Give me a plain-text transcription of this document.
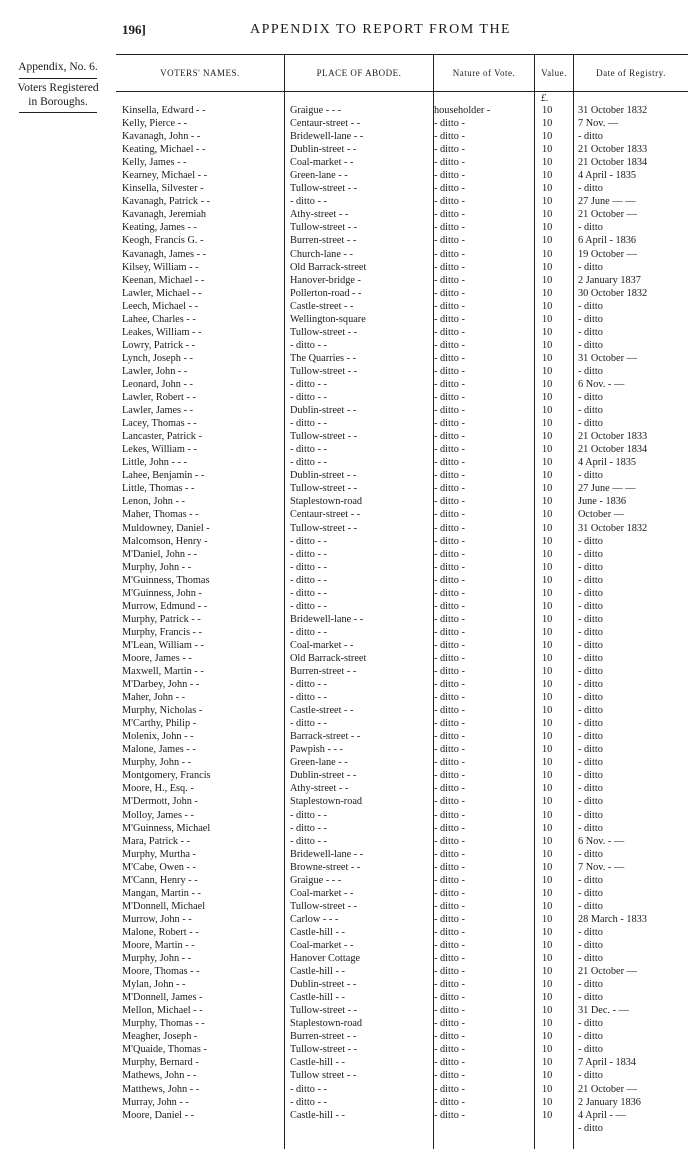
196]	APPENDIX TO REPORT FROM THE
Appendix, No. 6.
Voters Registered
in Boroughs.
VOTERS' NAMES.	PLACE OF ABODE.	Nature of Vote.	Value.	Date of Registry.
£.
Kinsella, Edward - -	Graigue - - -	householder -	10	31 October 1832
Kelly, Pierce - -	Centaur-street - -	- ditto -	10	7 Nov. —
Kavanagh, John - -	Bridewell-lane - -	- ditto -	10	- ditto
Keating, Michael - -	Dublin-street - -	- ditto -	10	21 October 1833
Kelly, James - -	Coal-market - -	- ditto -	10	21 October 1834
Kearney, Michael - -	Green-lane - -	- ditto -	10	4 April - 1835
Kinsella, Silvester -	Tullow-street - -	- ditto -	10	- ditto
Kavanagh, Patrick - -	- ditto - -	- ditto -	10	27 June — —
Kavanagh, Jeremiah	Athy-street - -	- ditto -	10	21 October —
Keating, James - -	Tullow-street - -	- ditto -	10	- ditto
Keogh, Francis G. -	Burren-street - -	- ditto -	10	6 April - 1836
Kavanagh, James - -	Church-lane - -	- ditto -	10	19 October —
Kilsey, William - -	Old Barrack-street	- ditto -	10	- ditto
Keenan, Michael - -	Hanover-bridge -	- ditto -	10	2 January 1837
Lawler, Michael - -	Pollerton-road - -	- ditto -	10	30 October 1832
Leech, Michael - -	Castle-street - -	- ditto -	10	- ditto
Lahee, Charles - -	Wellington-square	- ditto -	10	- ditto
Leakes, William - -	Tullow-street - -	- ditto -	10	- ditto
Lowry, Patrick - -	- ditto - -	- ditto -	10	- ditto
Lynch, Joseph - -	The Quarries - -	- ditto -	10	31 October —
Lawler, John - -	Tullow-street - -	- ditto -	10	- ditto
Leonard, John - -	- ditto - -	- ditto -	10	6 Nov. - —
Lawler, Robert - -	- ditto - -	- ditto -	10	- ditto
Lawler, James - -	Dublin-street - -	- ditto -	10	- ditto
Lacey, Thomas - -	- ditto - -	- ditto -	10	- ditto
Lancaster, Patrick -	Tullow-street - -	- ditto -	10	21 October 1833
Lekes, William - -	- ditto - -	- ditto -	10	21 October 1834
Little, John - - -	- ditto - -	- ditto -	10	4 April - 1835
Lahee, Benjamin - -	Dublin-street - -	- ditto -	10	- ditto
Little, Thomas - -	Tullow-street - -	- ditto -	10	27 June — —
Lenon, John - -	Staplestown-road	- ditto -	10	June - 1836
Maher, Thomas - -	Centaur-street - -	- ditto -	10	October —
Muldowney, Daniel -	Tullow-street - -	- ditto -	10	31 October 1832
Malcomson, Henry -	- ditto - -	- ditto -	10	- ditto
M'Daniel, John - -	- ditto - -	- ditto -	10	- ditto
Murphy, John - -	- ditto - -	- ditto -	10	- ditto
M'Guinness, Thomas	- ditto - -	- ditto -	10	- ditto
M'Guinness, John -	- ditto - -	- ditto -	10	- ditto
Murrow, Edmund - -	- ditto - -	- ditto -	10	- ditto
Murphy, Patrick - -	Bridewell-lane - -	- ditto -	10	- ditto
Murphy, Francis - -	- ditto - -	- ditto -	10	- ditto
M'Lean, William - -	Coal-market - -	- ditto -	10	- ditto
Moore, James - -	Old Barrack-street	- ditto -	10	- ditto
Maxwell, Martin - -	Burren-street - -	- ditto -	10	- ditto
M'Darbey, John - -	- ditto - -	- ditto -	10	- ditto
Maher, John - -	- ditto - -	- ditto -	10	- ditto
Murphy, Nicholas -	Castle-street - -	- ditto -	10	- ditto
M'Carthy, Philip -	- ditto - -	- ditto -	10	- ditto
Molenix, John - -	Barrack-street - -	- ditto -	10	- ditto
Malone, James - -	Pawpish - - -	- ditto -	10	- ditto
Murphy, John - -	Green-lane - -	- ditto -	10	- ditto
Montgomery, Francis	Dublin-street - -	- ditto -	10	- ditto
Moore, H., Esq. -	Athy-street - -	- ditto -	10	- ditto
M'Dermott, John -	Staplestown-road	- ditto -	10	- ditto
Molloy, James - -	- ditto - -	- ditto -	10	- ditto
M'Guinness, Michael	- ditto - -	- ditto -	10	- ditto
Mara, Patrick - -	- ditto - -	- ditto -	10	6 Nov. - —
Murphy, Murtha -	Bridewell-lane - -	- ditto -	10	- ditto
M'Cabe, Owen - -	Browne-street - -	- ditto -	10	7 Nov. - —
M'Cann, Henry - -	Graigue - - -	- ditto -	10	- ditto
Mangan, Martin - -	Coal-market - -	- ditto -	10	- ditto
M'Donnell, Michael	Tullow-street - -	- ditto -	10	- ditto
Murrow, John - -	Carlow - - -	- ditto -	10	28 March - 1833
Malone, Robert - -	Castle-hill - -	- ditto -	10	- ditto
Moore, Martin - -	Coal-market - -	- ditto -	10	- ditto
Murphy, John - -	Hanover Cottage	- ditto -	10	- ditto
Moore, Thomas - -	Castle-hill - -	- ditto -	10	21 October —
Mylan, John - -	Dublin-street - -	- ditto -	10	- ditto
M'Donnell, James -	Castle-hill - -	- ditto -	10	- ditto
Mellon, Michael - -	Tullow-street - -	- ditto -	10	31 Dec. - —
Murphy, Thomas - -	Staplestown-road	- ditto -	10	- ditto
Meagher, Joseph -	Burren-street - -	- ditto -	10	- ditto
M'Quaide, Thomas -	Tullow-street - -	- ditto -	10	- ditto
Murphy, Bernard -	Castle-hill - -	- ditto -	10	7 April - 1834
Mathews, John - -	Tullow street - -	- ditto -	10	- ditto
Matthews, John - -	- ditto - -	- ditto -	10	21 October —
Murray, John - -	- ditto - -	- ditto -	10	2 January 1836
Moore, Daniel - -	Castle-hill - -	- ditto -	10	4 April - —
- ditto
